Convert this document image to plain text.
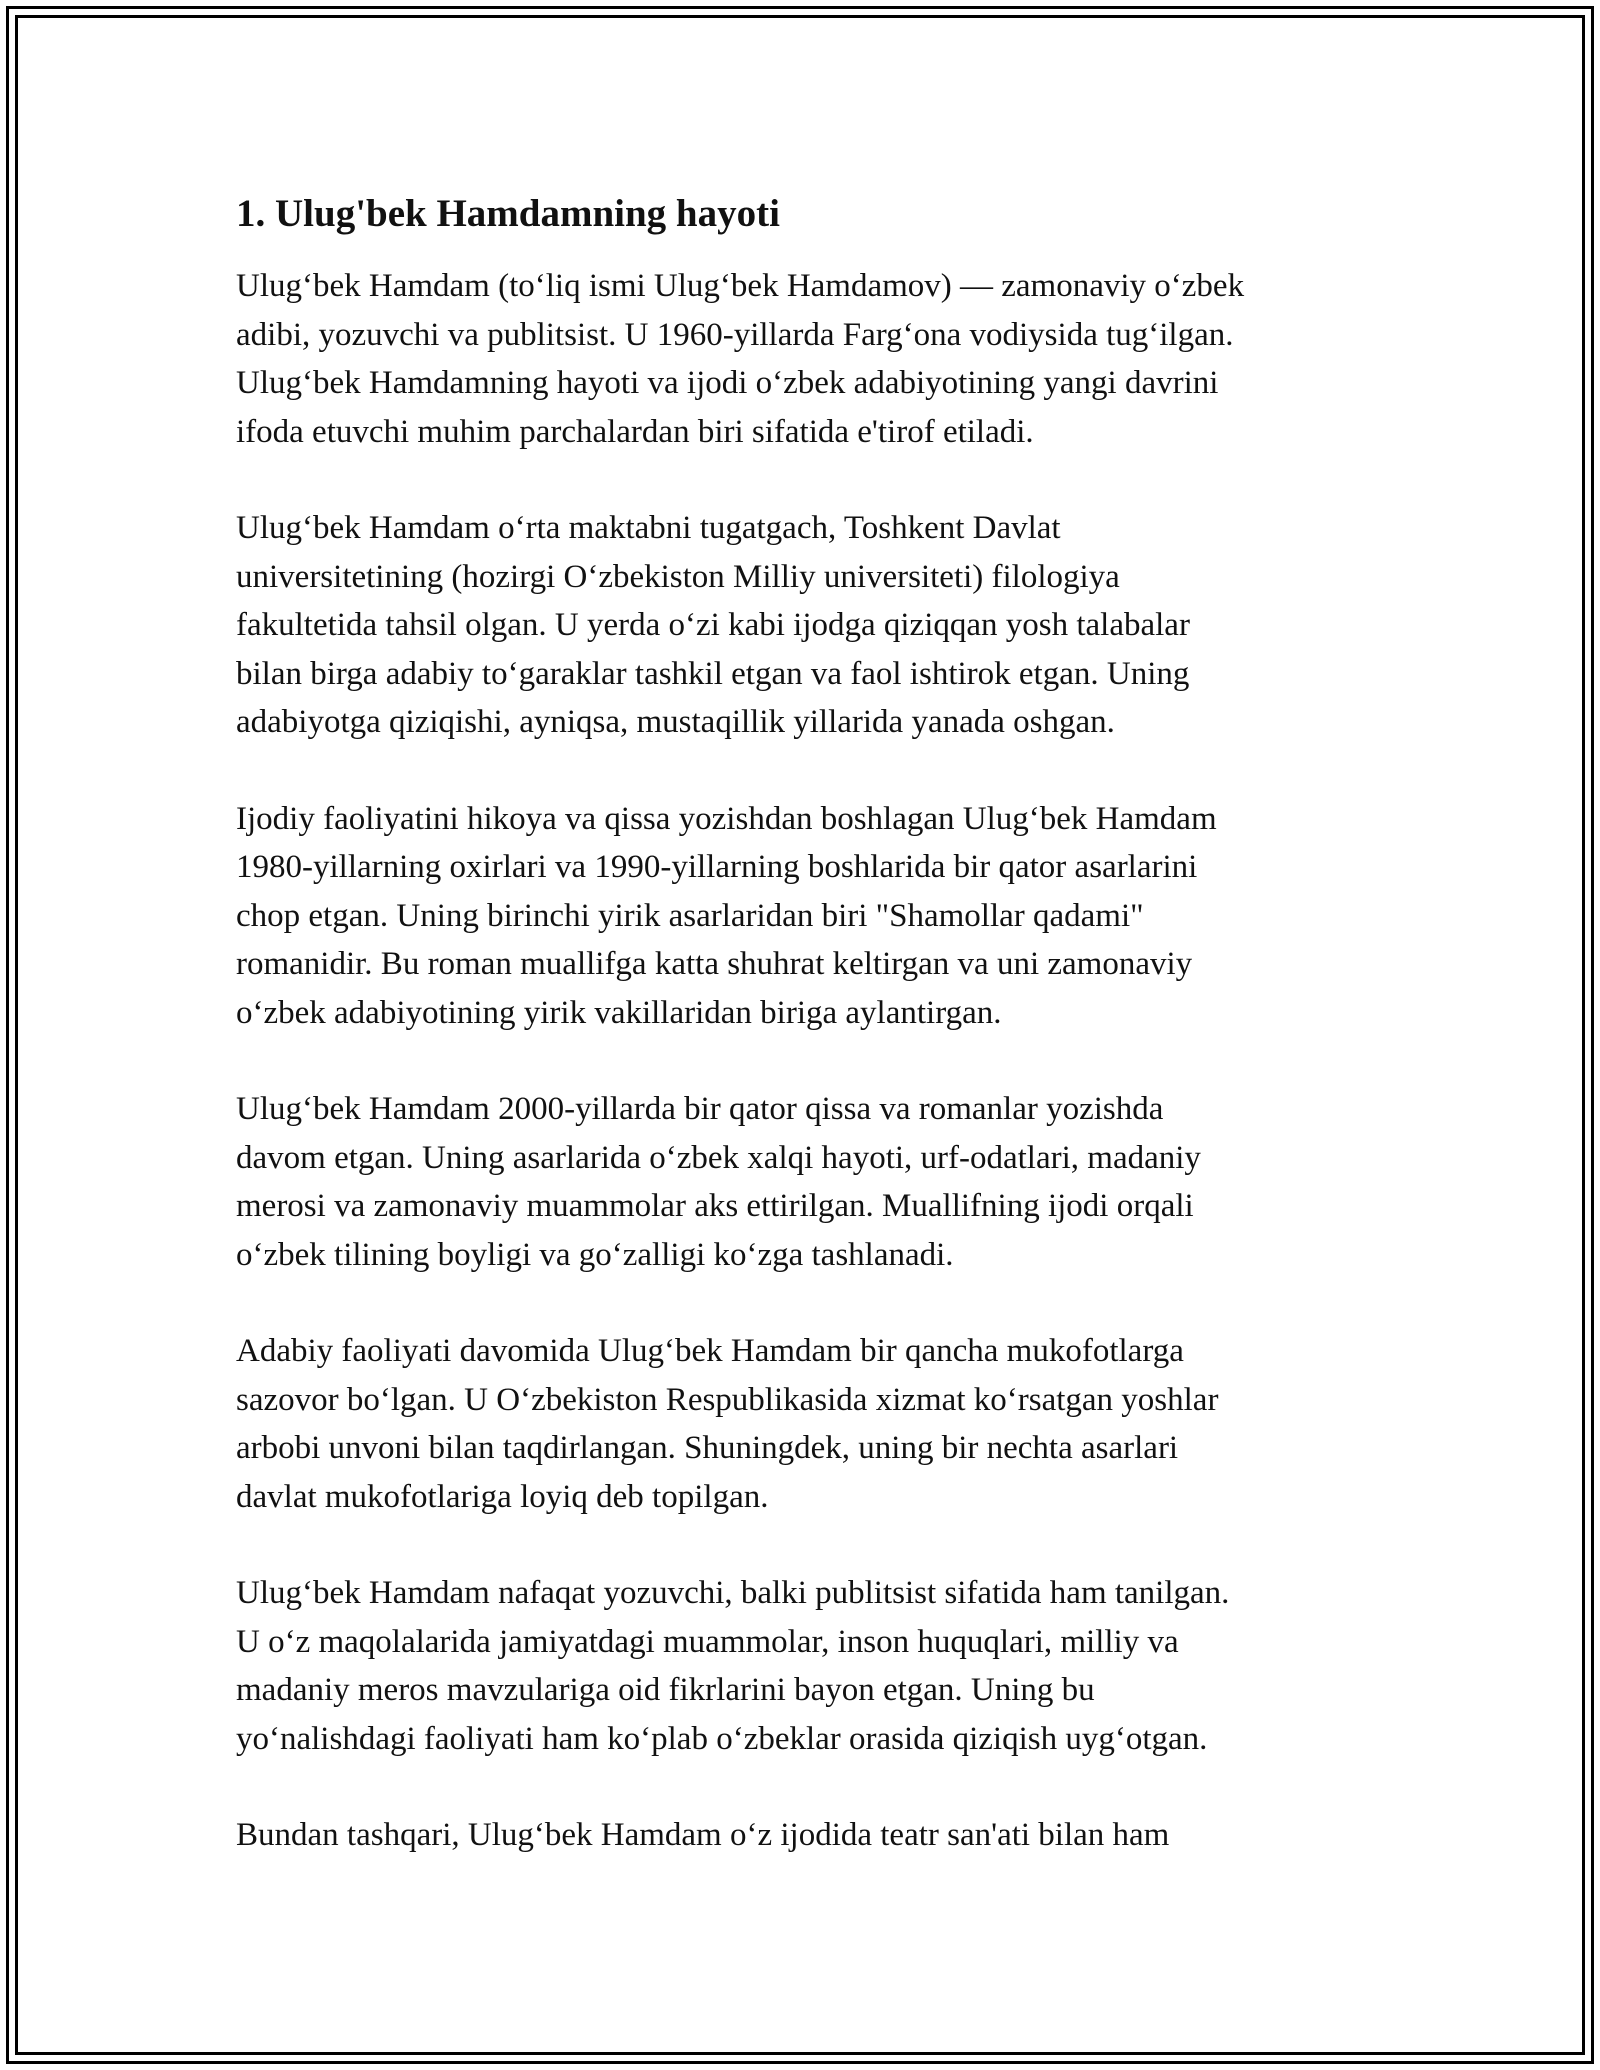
1. Ulug'bek Hamdamning hayoti

Ulug‘bek Hamdam (to‘liq ismi Ulug‘bek Hamdamov) — zamonaviy o‘zbek
adibi, yozuvchi va publitsist. U 1960-yillarda Farg‘ona vodiysida tug‘ilgan.
Ulug‘bek Hamdamning hayoti va ijodi o‘zbek adabiyotining yangi davrini
ifoda etuvchi muhim parchalardan biri sifatida e'tirof etiladi.

Ulug‘bek Hamdam o‘rta maktabni tugatgach, Toshkent Davlat
universitetining (hozirgi O‘zbekiston Milliy universiteti) filologiya
fakultetida tahsil olgan. U yerda o‘zi kabi ijodga qiziqqan yosh talabalar
bilan birga adabiy to‘garaklar tashkil etgan va faol ishtirok etgan. Uning
adabiyotga qiziqishi, ayniqsa, mustaqillik yillarida yanada oshgan.

Ijodiy faoliyatini hikoya va qissa yozishdan boshlagan Ulug‘bek Hamdam
1980-yillarning oxirlari va 1990-yillarning boshlarida bir qator asarlarini
chop etgan. Uning birinchi yirik asarlaridan biri "Shamollar qadami"
romanidir. Bu roman muallifga katta shuhrat keltirgan va uni zamonaviy
o‘zbek adabiyotining yirik vakillaridan biriga aylantirgan.

Ulug‘bek Hamdam 2000-yillarda bir qator qissa va romanlar yozishda
davom etgan. Uning asarlarida o‘zbek xalqi hayoti, urf-odatlari, madaniy
merosi va zamonaviy muammolar aks ettirilgan. Muallifning ijodi orqali
o‘zbek tilining boyligi va go‘zalligi ko‘zga tashlanadi.

Adabiy faoliyati davomida Ulug‘bek Hamdam bir qancha mukofotlarga
sazovor bo‘lgan. U O‘zbekiston Respublikasida xizmat ko‘rsatgan yoshlar
arbobi unvoni bilan taqdirlangan. Shuningdek, uning bir nechta asarlari
davlat mukofotlariga loyiq deb topilgan.

Ulug‘bek Hamdam nafaqat yozuvchi, balki publitsist sifatida ham tanilgan.
U o‘z maqolalarida jamiyatdagi muammolar, inson huquqlari, milliy va
madaniy meros mavzulariga oid fikrlarini bayon etgan. Uning bu
yo‘nalishdagi faoliyati ham ko‘plab o‘zbeklar orasida qiziqish uyg‘otgan.

Bundan tashqari, Ulug‘bek Hamdam o‘z ijodida teatr san'ati bilan ham
